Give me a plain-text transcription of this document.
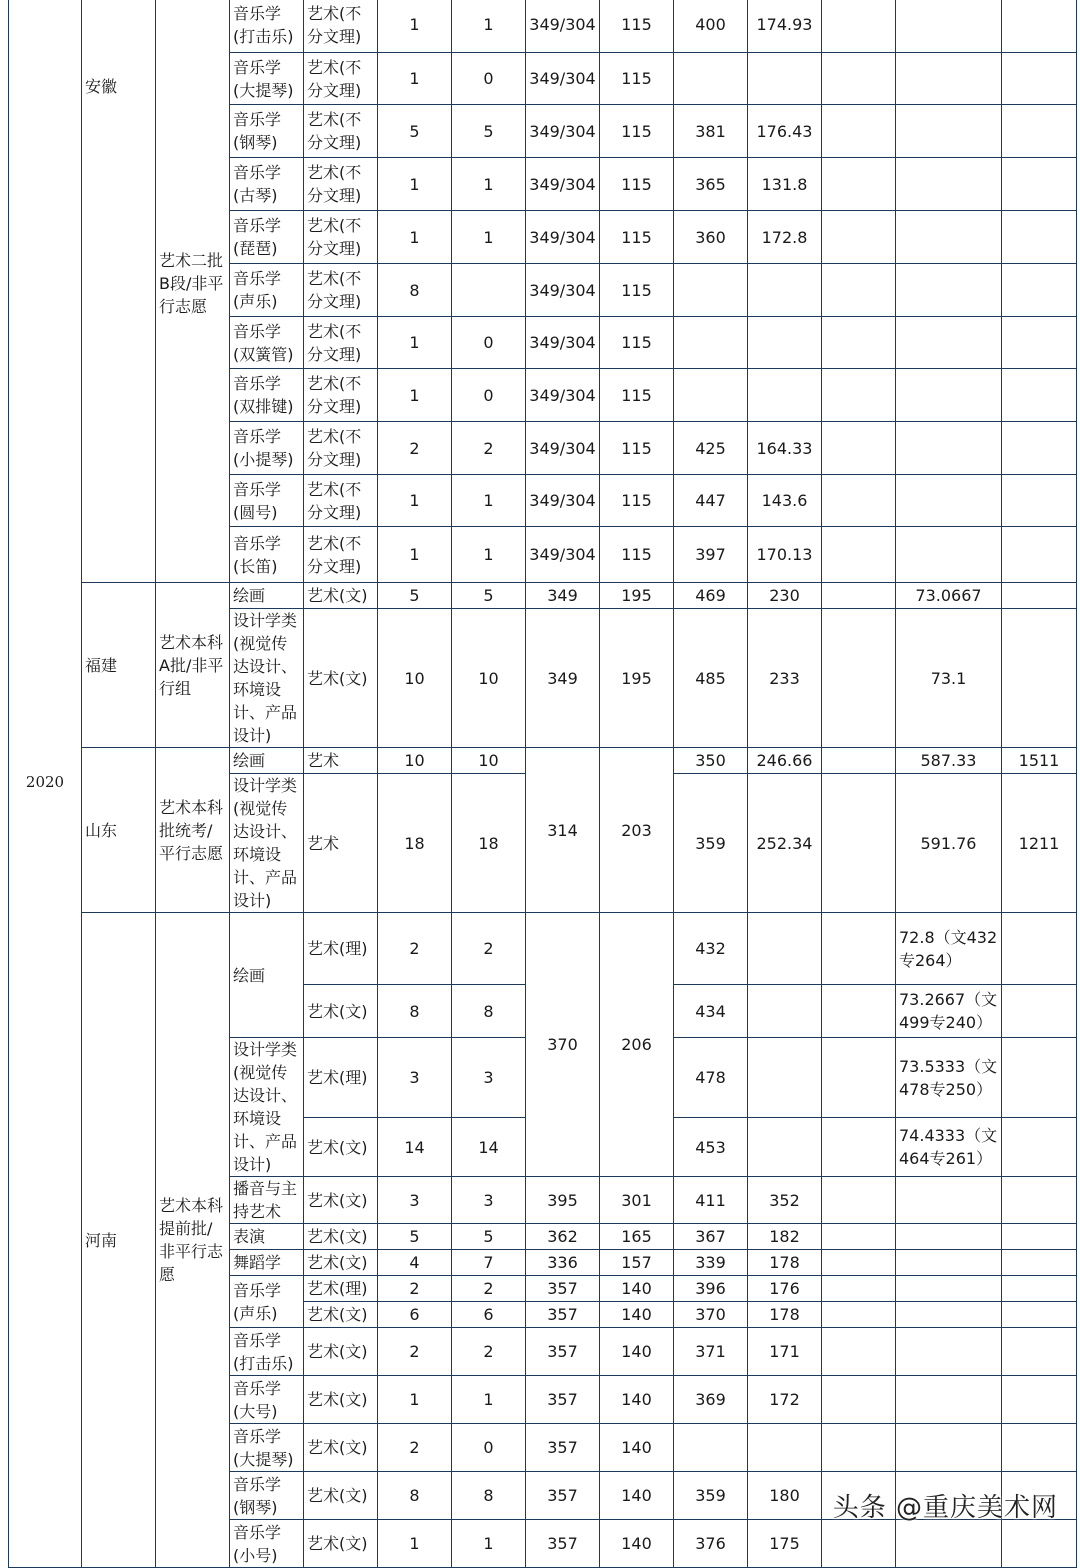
2020	安徽	艺术二批B段/非平行志愿	音乐学(打击乐)	艺术(不分文理)	1	1	349/304	115	400	174.93			
			音乐学(大提琴)	艺术(不分文理)	1	0	349/304	115					
			音乐学(钢琴)	艺术(不分文理)	5	5	349/304	115	381	176.43			
			音乐学(古琴)	艺术(不分文理)	1	1	349/304	115	365	131.8			
			音乐学(琵琶)	艺术(不分文理)	1	1	349/304	115	360	172.8			
			音乐学(声乐)	艺术(不分文理)	8		349/304	115					
			音乐学(双簧管)	艺术(不分文理)	1	0	349/304	115					
			音乐学(双排键)	艺术(不分文理)	1	0	349/304	115					
			音乐学(小提琴)	艺术(不分文理)	2	2	349/304	115	425	164.33			
			音乐学(圆号)	艺术(不分文理)	1	1	349/304	115	447	143.6			
			音乐学(长笛)	艺术(不分文理)	1	1	349/304	115	397	170.13			
	福建	艺术本科A批/非平行组	绘画	艺术(文)	5	5	349	195	469	230		73.0667	
			设计学类(视觉传达设计、环境设计、产品设计)	艺术(文)	10	10	349	195	485	233		73.1	
	山东	艺术本科批统考/平行志愿	绘画	艺术	10	10	314	203	350	246.66		587.33	1511
			设计学类(视觉传达设计、环境设计、产品设计)	艺术	18	18			359	252.34		591.76	1211
	河南	艺术本科提前批/非平行志愿	绘画	艺术(理)	2	2	370	206	432			72.8（文432专264）	
				艺术(文)	8	8			434			73.2667（文499专240）	
			设计学类(视觉传达设计、环境设计、产品设计)	艺术(理)	3	3			478			73.5333（文478专250）	
				艺术(文)	14	14			453			74.4333（文464专261）	
			播音与主持艺术	艺术(文)	3	3	395	301	411	352			
			表演	艺术(文)	5	5	362	165	367	182			
			舞蹈学	艺术(文)	4	7	336	157	339	178			
			音乐学(声乐)	艺术(理)	2	2	357	140	396	176			
				艺术(文)	6	6	357	140	370	178			
			音乐学(打击乐)	艺术(文)	2	2	357	140	371	171			
			音乐学(大号)	艺术(文)	1	1	357	140	369	172			
			音乐学(大提琴)	艺术(文)	2	0	357	140					
			音乐学(钢琴)	艺术(文)	8	8	357	140	359	180			
			音乐学(小号)	艺术(文)	1	1	357	140	376	175			
头条 @重庆美术网
